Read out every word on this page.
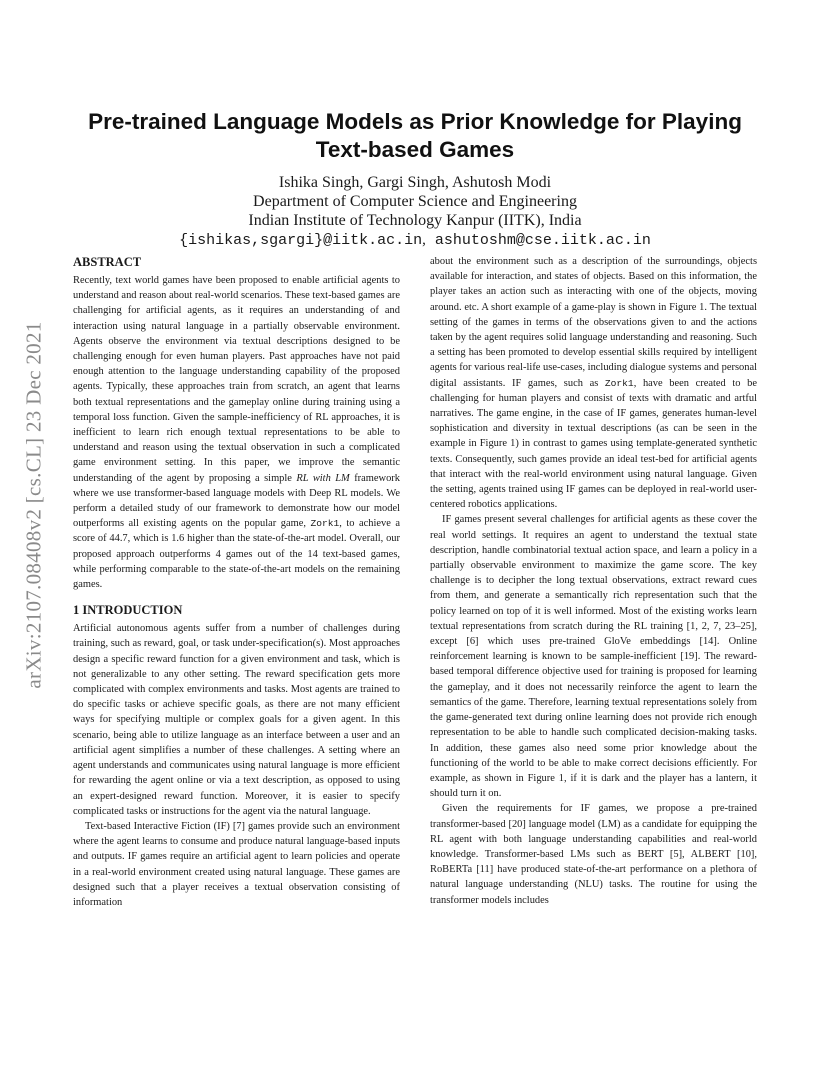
arXiv:2107.08408v2 [cs.CL] 23 Dec 2021
Pre-trained Language Models as Prior Knowledge for Playing
Text-based Games

Ishika Singh, Gargi Singh, Ashutosh Modi

Department of Computer Science and Engineering

Indian Institute of Technology Kanpur (IITK), India

{ishikas,sgargi}@iitk.ac.in, ashutoshm@cse.iitk.ac.in

ABSTRACT

Recently, text world games have been proposed to enable artificial agents to understand and reason about real-world scenarios. These text-based games are challenging for artificial agents, as it requires an understanding of and interaction using natural language in a partially observable environment. Agents observe the environment via textual descriptions designed to be challenging enough for even human players. Past approaches have not paid enough attention to the language understanding capability of the proposed agents. Typically, these approaches train from scratch, an agent that learns both textual representations and the gameplay online during training using a temporal loss function. Given the sample-inefficiency of RL approaches, it is inefficient to learn rich enough textual representations to be able to understand and reason using the textual observation in such a complicated game environment setting. In this paper, we improve the semantic understanding of the agent by proposing a simple RL with LM framework where we use transformer-based language models with Deep RL models. We perform a detailed study of our framework to demonstrate how our model outperforms all existing agents on the popular game, Zork1, to achieve a score of 44.7, which is 1.6 higher than the state-of-the-art model. Overall, our proposed approach outperforms 4 games out of the 14 text-based games, while performing comparable to the state-of-the-art models on the remaining games.

1 INTRODUCTION

Artificial autonomous agents suffer from a number of challenges during training, such as reward, goal, or task under-specification(s). Most approaches design a specific reward function for a given environment and task, which is not generalizable to any other setting. The reward specification gets more complicated with complex environments and tasks. Most agents are trained to do specific tasks or achieve specific goals, as there are not many efficient ways for specifying multiple or complex goals for a given agent. In this scenario, being able to utilize language as an interface between a user and an artificial agent simplifies a number of these challenges. A setting where an agent understands and communicates using natural language is more efficient for rewarding the agent online or via a text description, as opposed to using an expert-designed reward function. Moreover, it is easier to specify complicated tasks or instructions for the agent via the natural language.

Text-based Interactive Fiction (IF) [7] games provide such an environment where the agent learns to consume and produce natural language-based inputs and outputs. IF games require an artificial agent to learn policies and operate in a real-world environment created using natural language. These games are designed such that a player receives a textual observation consisting of information

about the environment such as a description of the surroundings, objects available for interaction, and states of objects. Based on this information, the player takes an action such as interacting with one of the objects, moving around. etc. A short example of a game-play is shown in Figure 1. The textual setting of the games in terms of the observations given to and the actions taken by the agent requires solid language understanding and reasoning. Such a setting has been promoted to develop essential skills required by intelligent agents for various real-life use-cases, including dialogue systems and personal digital assistants. IF games, such as Zork1, have been created to be challenging for human players and consist of texts with dramatic and artful narratives. The game engine, in the case of IF games, generates human-level sophistication and diversity in textual descriptions (as can be seen in the example in Figure 1) in contrast to games using template-generated synthetic texts. Consequently, such games provide an ideal test-bed for artificial agents that interact with the real-world environment using natural language. Given the setting, agents trained using IF games can be deployed in real-world user-centered robotics applications.

IF games present several challenges for artificial agents as these cover the real world settings. It requires an agent to understand the textual state description, handle combinatorial textual action space, and learn a policy in a partially observable environment to maximize the game score. The key challenge is to decipher the long textual observations, extract reward cues from them, and generate a semantically rich representation such that the policy learned on top of it is well informed. Most of the existing works learn textual representations from scratch during the RL training [1, 2, 7, 23–25], except [6] which uses pre-trained GloVe embeddings [14]. Online reinforcement learning is known to be sample-inefficient [19]. The reward-based temporal difference objective used for training is proposed for learning the gameplay, and it does not necessarily reinforce the agent to learn the semantics of the game. Therefore, learning textual representations solely from the game-generated text during online learning does not provide rich enough representation to be able to handle such complicated decision-making tasks. In addition, these games also need some prior knowledge about the functioning of the world to be able to make correct decisions efficiently. For example, as shown in Figure 1, if it is dark and the player has a lantern, it should turn it on.

Given the requirements for IF games, we propose a pre-trained transformer-based [20] language model (LM) as a candidate for equipping the RL agent with both language understanding capabilities and real-world knowledge. Transformer-based LMs such as BERT [5], ALBERT [10], RoBERTa [11] have produced state-of-the-art performance on a plethora of natural language understanding (NLU) tasks. The routine for using the transformer models includes
